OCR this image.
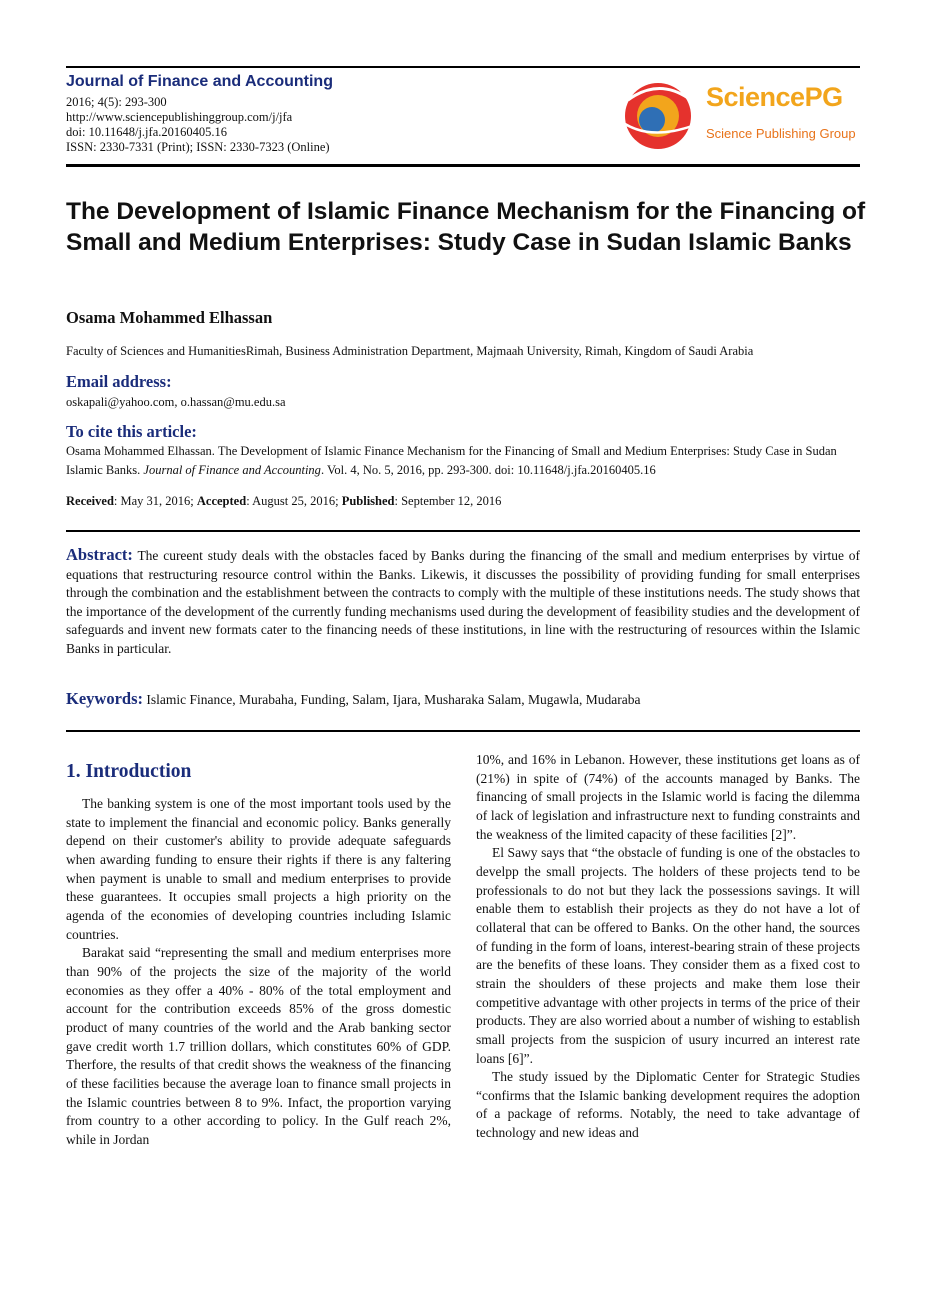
Journal of Finance and Accounting
2016; 4(5): 293-300
http://www.sciencepublishinggroup.com/j/jfa
doi: 10.11648/j.jfa.20160405.16
ISSN: 2330-7331 (Print); ISSN: 2330-7323 (Online)
SciencePG
Science Publishing Group
The Development of Islamic Finance Mechanism for the Financing of Small and Medium Enterprises: Study Case in Sudan Islamic Banks
Osama Mohammed Elhassan
Faculty of Sciences and HumanitiesRimah, Business Administration Department, Majmaah University, Rimah, Kingdom of Saudi Arabia
Email address:
oskapali@yahoo.com, o.hassan@mu.edu.sa
To cite this article:
Osama Mohammed Elhassan. The Development of Islamic Finance Mechanism for the Financing of Small and Medium Enterprises: Study Case in Sudan Islamic Banks. Journal of Finance and Accounting. Vol. 4, No. 5, 2016, pp. 293-300. doi: 10.11648/j.jfa.20160405.16
Received: May 31, 2016; Accepted: August 25, 2016; Published: September 12, 2016
Abstract: The cureent study deals with the obstacles faced by Banks during the financing of the small and medium enterprises by virtue of equations that restructuring resource control within the Banks. Likewis, it discusses the possibility of providing funding for small enterprises through the combination and the establishment between the contracts to comply with the multiple of these institutions needs. The study shows that the importance of the development of the currently funding mechanisms used during the development of feasibility studies and the development of safeguards and invent new formats cater to the financing needs of these institutions, in line with the restructuring of resources within the Islamic Banks in particular.
Keywords: Islamic Finance, Murabaha, Funding, Salam, Ijara, Musharaka Salam, Mugawla, Mudaraba
1. Introduction

The banking system is one of the most important tools used by the state to implement the financial and economic policy. Banks generally depend on their customer's ability to provide adequate safeguards when awarding funding to ensure their rights if there is any faltering when payment is unable to small and medium enterprises to provide these guarantees. It occupies small projects a high priority on the agenda of the economies of developing countries including Islamic countries.

Barakat said “representing the small and medium enterprises more than 90% of the projects the size of the majority of the world economies as they offer a 40% - 80% of the total employment and account for the contribution exceeds 85% of the gross domestic product of many countries of the world and the Arab banking sector gave credit worth 1.7 trillion dollars, which constitutes 60% of GDP. Therfore, the results of that credit shows the weakness of the financing of these facilities because the average loan to finance small projects in the Islamic countries between 8 to 9%. Infact, the proportion varying from country to a other according to policy. In the Gulf reach 2%, while in Jordan

10%, and 16% in Lebanon. However, these institutions get loans as of (21%) in spite of (74%) of the accounts managed by Banks. The financing of small projects in the Islamic world is facing the dilemma of lack of legislation and infrastructure next to funding constraints and the weakness of the limited capacity of these facilities [2]”.

El Sawy says that “the obstacle of funding is one of the obstacles to develpp the small projects. The holders of these projects tend to be professionals to do not but they lack the possessions savings. It will enable them to establish their projects as they do not have a lot of collateral that can be offered to Banks. On the other hand, the sources of funding in the form of loans, interest-bearing strain of these projects are the benefits of these loans. They consider them as a fixed cost to strain the shoulders of these projects and make them lose their competitive advantage with other projects in terms of the price of their products. They are also worried about a number of wishing to establish small projects from the suspicion of usury incurred an interest rate loans [6]”.

The study issued by the Diplomatic Center for Strategic Studies “confirms that the Islamic banking development requires the adoption of a package of reforms. Notably, the need to take advantage of technology and new ideas and
